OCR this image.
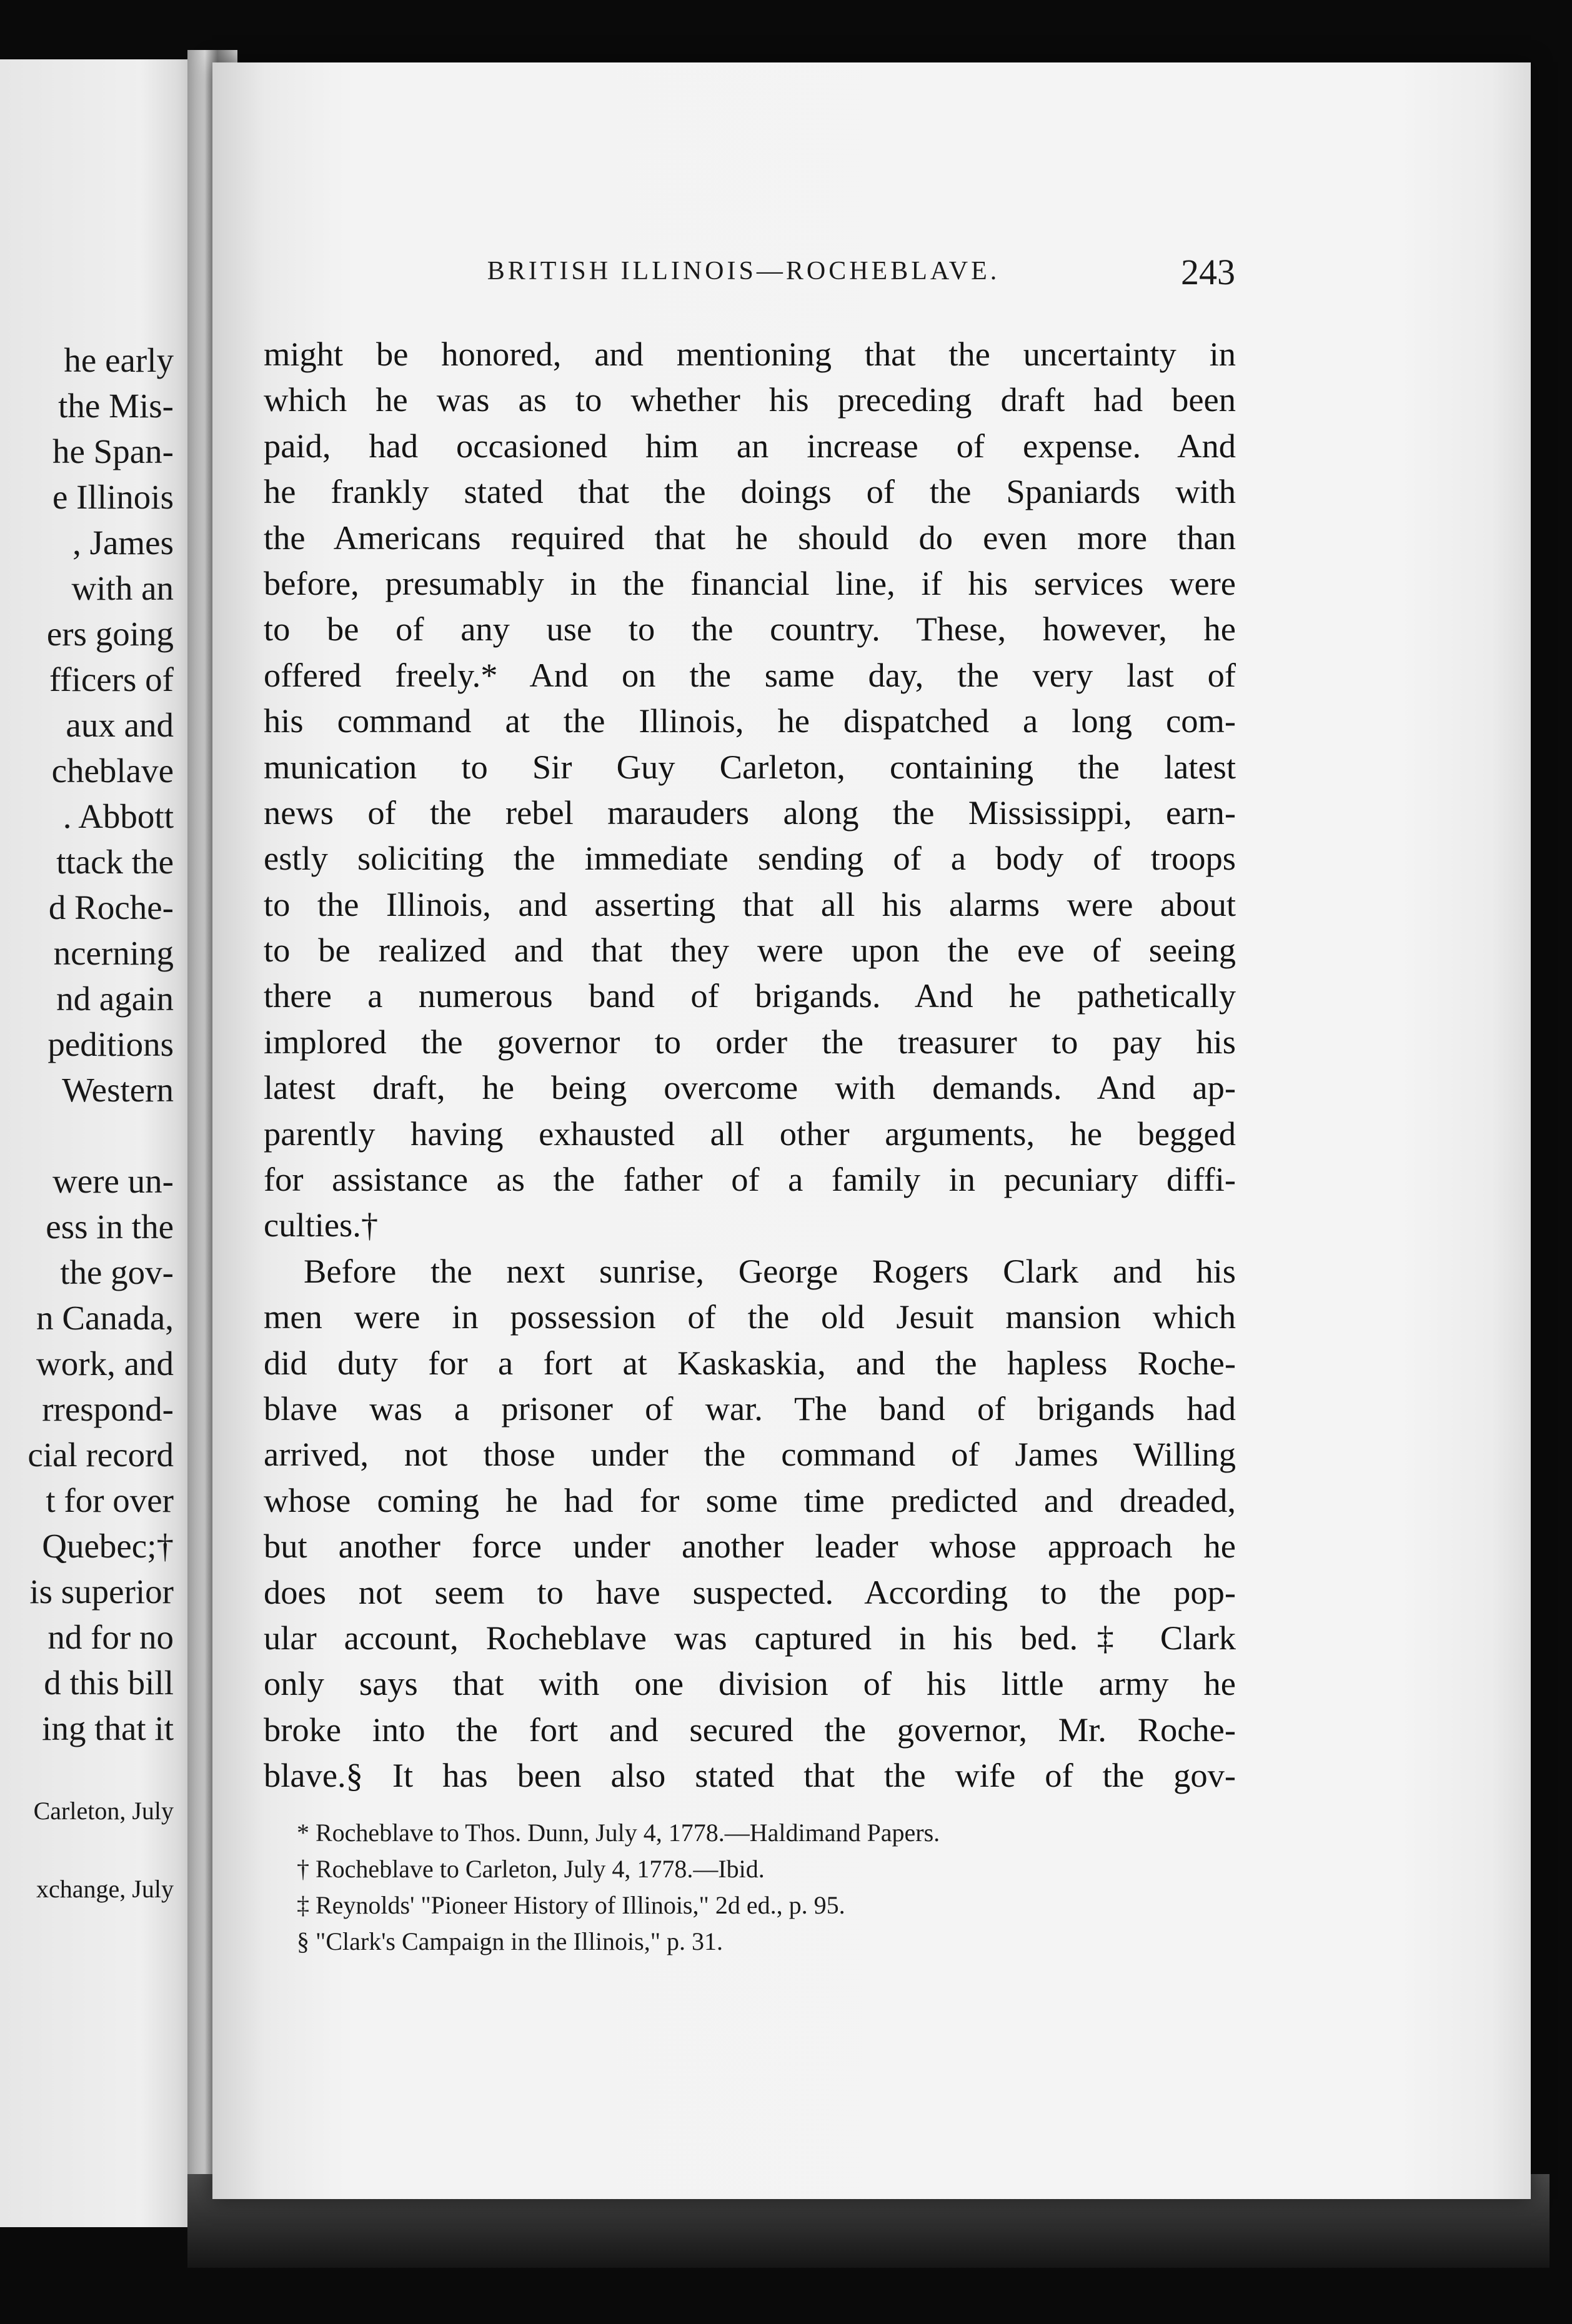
he early
the Mis-
he Span-
e Illinois
, James
with an
ers going
fficers of
aux and
cheblave
. Abbott
ttack the
d Roche-
ncerning
nd again
peditions
Western
were un-
ess in the
the gov-
n Canada,
work, and
rrespond-
cial record
t for over
Quebec;†
is superior
nd for no
d this bill
ing that it
Carleton, July
xchange, July
BRITISH ILLINOIS—ROCHEBLAVE.	243
might be honored, and mentioning that the uncertainty in
which he was as to whether his preceding draft had been
paid, had occasioned him an increase of expense. And
he frankly stated that the doings of the Spaniards with
the Americans required that he should do even more than
before, presumably in the financial line, if his services were
to be of any use to the country. These, however, he
offered freely.* And on the same day, the very last of
his command at the Illinois, he dispatched a long com-
munication to Sir Guy Carleton, containing the latest
news of the rebel marauders along the Mississippi, earn-
estly soliciting the immediate sending of a body of troops
to the Illinois, and asserting that all his alarms were about
to be realized and that they were upon the eve of seeing
there a numerous band of brigands. And he pathetically
implored the governor to order the treasurer to pay his
latest draft, he being overcome with demands. And ap-
parently having exhausted all other arguments, he begged
for assistance as the father of a family in pecuniary diffi-
culties.†
Before the next sunrise, George Rogers Clark and his
men were in possession of the old Jesuit mansion which
did duty for a fort at Kaskaskia, and the hapless Roche-
blave was a prisoner of war. The band of brigands had
arrived, not those under the command of James Willing
whose coming he had for some time predicted and dreaded,
but another force under another leader whose approach he
does not seem to have suspected. According to the pop-
ular account, Rocheblave was captured in his bed.‡ Clark
only says that with one division of his little army he
broke into the fort and secured the governor, Mr. Roche-
blave.§ It has been also stated that the wife of the gov-
* Rocheblave to Thos. Dunn, July 4, 1778.—Haldimand Papers.
† Rocheblave to Carleton, July 4, 1778.—Ibid.
‡ Reynolds' "Pioneer History of Illinois," 2d ed., p. 95.
§ "Clark's Campaign in the Illinois," p. 31.
